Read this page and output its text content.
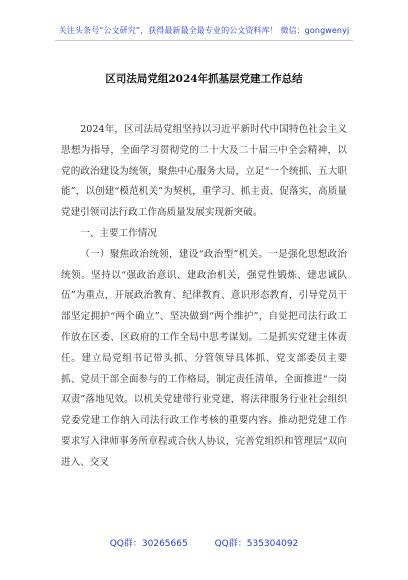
关注头条号“公文研究”，获得最新最全最专业的公文资料库！ 微信：gongwenyj
区司法局党组2024年抓基层党建工作总结

2024年，区司法局党组坚持以习近平新时代中国特色社会主义思想为指导，全面学习贯彻党的二十大及二十届三中全会精神，以党的政治建设为统领，聚焦中心服务大局，立足“一个统抓、五大职能”，以创建“模范机关”为契机，重学习、抓主责、促落实，高质量党建引领司法行政工作高质量发展实现新突破。

一、主要工作情况

（一）聚焦政治统领，建设“政治型”机关。一是强化思想政治统领。坚持以“强政治意识、建政治机关，强党性锻炼、建忠诚队伍”为重点，开展政治教育、纪律教育、意识形态教育，引导党员干部坚定拥护“两个确立”、坚决做到“两个维护”，自觉把司法行政工作放在区委、区政府的工作全局中思考谋划。二是抓实党建主体责任。建立局党组书记带头抓、分管领导具体抓、党支部委员主要抓、党员干部全面参与的工作格局，制定责任清单，全面推进“一岗双责”落地见效。以机关党建带行业党建，将法律服务行业社会组织党委党建工作纳入司法行政工作考核的重要内容。推动把党建工作要求写入律师事务所章程或合伙人协议，完善党组织和管理层“双向进入、交叉

QQ群：30265665	QQ群：535304092
